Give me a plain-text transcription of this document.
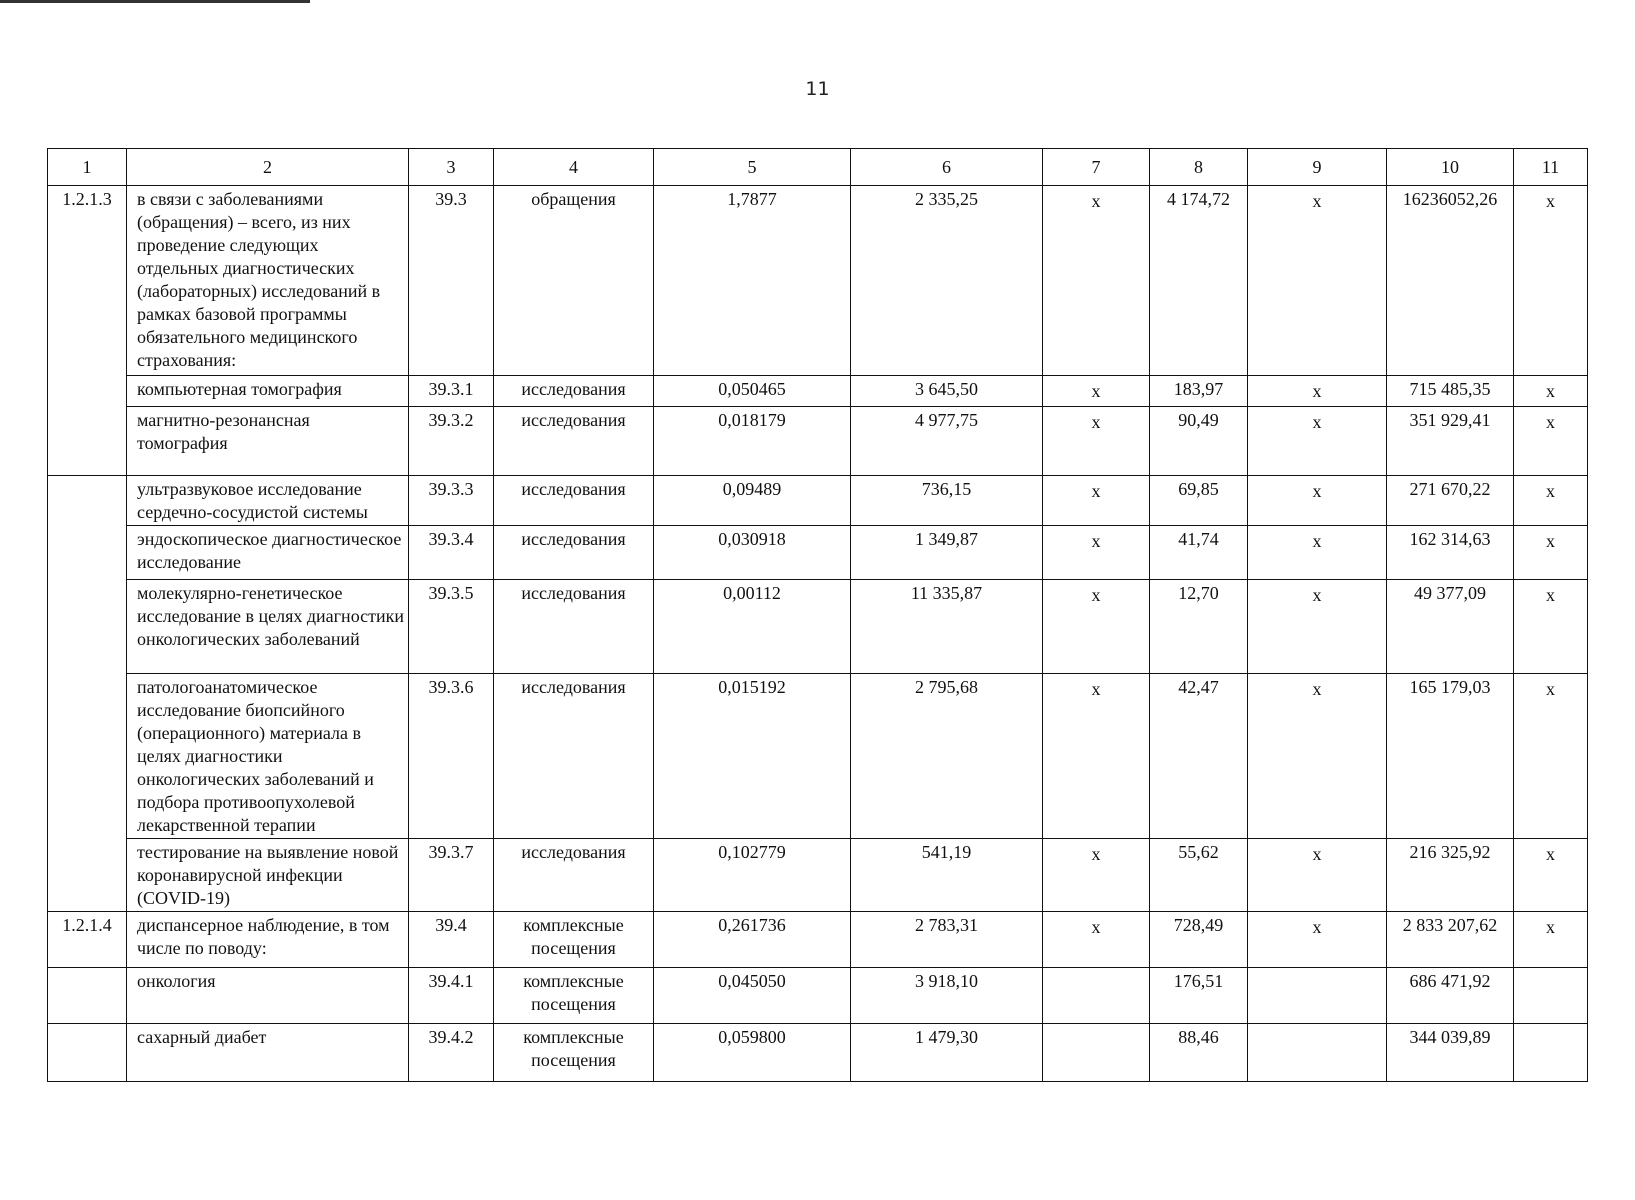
11
1	2	3	4	5	6	7	8	9	10	11
1.2.1.3	в связи с заболеваниями (обращения) – всего, из них проведение следующих отдельных диагностических (лабораторных) исследований в рамках базовой программы обязательного медицинского страхования:	39.3	обращения	1,7877	2 335,25	х	4 174,72	х	16236052,26	х
	компьютерная томография	39.3.1	исследования	0,050465	3 645,50	х	183,97	х	715 485,35	х
	магнитно-резонансная томография	39.3.2	исследования	0,018179	4 977,75	х	90,49	х	351 929,41	х
	ультразвуковое исследование сердечно-сосудистой системы	39.3.3	исследования	0,09489	736,15	х	69,85	х	271 670,22	х
	эндоскопическое диагностическое исследование	39.3.4	исследования	0,030918	1 349,87	х	41,74	х	162 314,63	х
	молекулярно-генетическое исследование в целях диагностики онкологических заболеваний	39.3.5	исследования	0,00112	11 335,87	х	12,70	х	49 377,09	х
	патологоанатомическое исследование биопсийного (операционного) материала в целях диагностики онкологических заболеваний и подбора противоопухолевой лекарственной терапии	39.3.6	исследования	0,015192	2 795,68	х	42,47	х	165 179,03	х
	тестирование на выявление новой коронавирусной инфекции (COVID-19)	39.3.7	исследования	0,102779	541,19	х	55,62	х	216 325,92	х
1.2.1.4	диспансерное наблюдение, в том числе по поводу:	39.4	комплексные посещения	0,261736	2 783,31	х	728,49	х	2 833 207,62	х
	онкология	39.4.1	комплексные посещения	0,045050	3 918,10		176,51		686 471,92	
	сахарный диабет	39.4.2	комплексные посещения	0,059800	1 479,30		88,46		344 039,89	
